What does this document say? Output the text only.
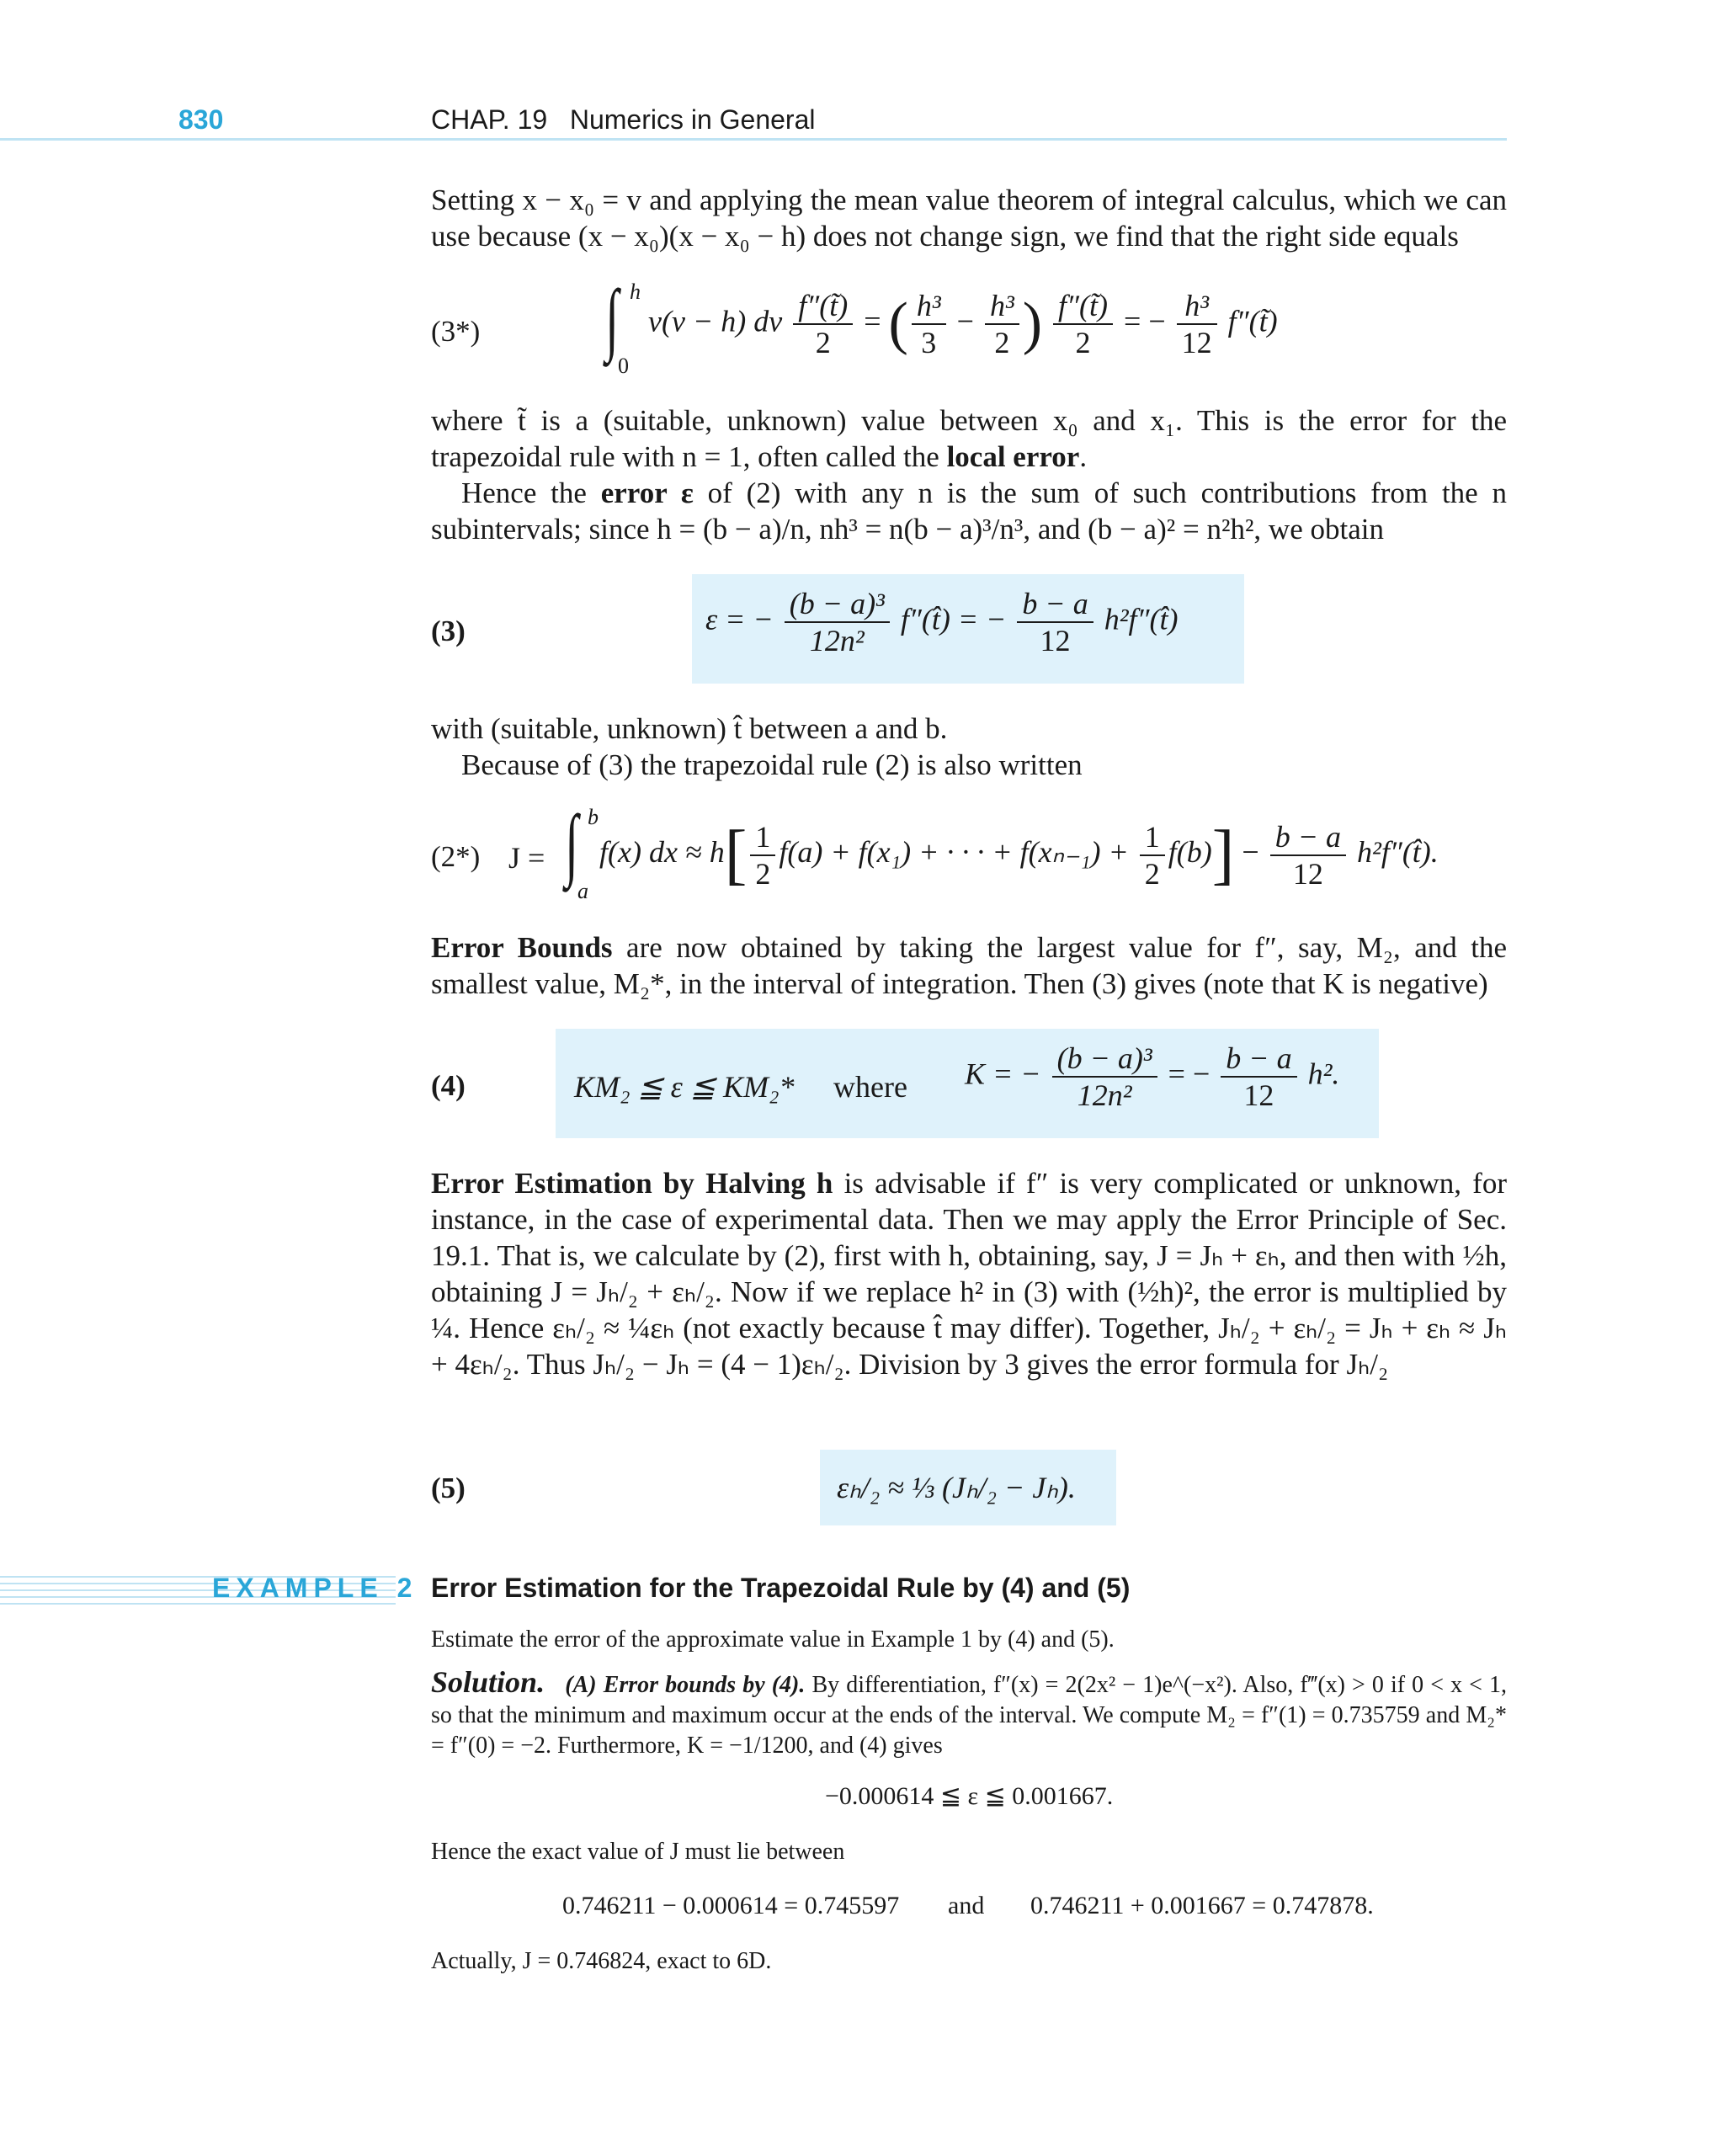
830	CHAP. 19 Numerics in General

Setting x − x₀ = v and applying the mean value theorem of integral calculus, which we can use because (x − x₀)(x − x₀ − h) does not change sign, we find that the right side equals

(3*) ∫ h
0
v(v − h) dv $\frac{f''(t̃)}{2}$ = ( $\frac{\text{h³}}{3} - \frac{\text{h³}}{2}$ ) $\frac{f''(t̃)}{2}$ = − $\frac{\text{h³}}{12}$ f″(t̃)

where t̃ is a (suitable, unknown) value between x₀ and x₁. This is the error for the trapezoidal rule with n = 1, often called the local error.

Hence the error ε of (2) with any n is the sum of such contributions from the n subintervals; since h = (b − a)/n, nh³ = n(b − a)³/n³, and (b − a)² = n²h², we obtain

(3)	ε = − $\frac{\text{(b − a)³}}{\text{12n²}}$ f″(t̂) = − $\frac{b - a}{12}$ h²f″(t̂)

with (suitable, unknown) t̂ between a and b.

Because of (3) the trapezoidal rule (2) is also written

(2*) J = ∫ b
a
f(x) dx ≈ $h[ \frac{1}{2} f(a) + f(x_1)$ + · · · + $f(x_{n-1}) + \frac{1}{2} f(b)] - \frac{b - a}{12}$ h²f″(t̂).

Error Bounds are now obtained by taking the largest value for f″, say, M₂, and the smallest value, M₂*, in the interval of integration. Then (3) gives (note that K is negative)

(4)	KM₂ ≦ ε ≦ KM₂* where K = − $\frac{\text{(b − a)³}}{\text{12n²}}$ = − $\frac{b - a}{12} h^2$.

Error Estimation by Halving h is advisable if f″ is very complicated or unknown, for instance, in the case of experimental data. Then we may apply the Error Principle of Sec. 19.1. That is, we calculate by (2), first with h, obtaining, say, J = Jₕ + εₕ, and then with ½h, obtaining J = Jₕ/₂ + εₕ/₂. Now if we replace h² in (3) with (½h)², the error is multiplied by ¼. Hence εₕ/₂ ≈ ¼εₕ (not exactly because t̂ may differ). Together, Jₕ/₂ + εₕ/₂ = Jₕ + εₕ ≈ Jₕ + 4εₕ/₂. Thus Jₕ/₂ − Jₕ = (4 − 1)εₕ/₂. Division by 3 gives the error formula for Jₕ/₂

(5)	εₕ/₂ ≈ ⅓ (Jₕ/₂ − Jₕ).
EXAMPLE 2 Error Estimation for the Trapezoidal Rule by (4) and (5)

Estimate the error of the approximate value in Example 1 by (4) and (5).

Solution. (A) Error bounds by (4). By differentiation, f″(x) = 2(2x² − 1)e^(−x²). Also, f‴(x) > 0 if 0 < x < 1, so that the minimum and maximum occur at the ends of the interval. We compute M₂ = f″(1) = 0.735759 and M₂* = f″(0) = −2. Furthermore, K = −1/1200, and (4) gives

−0.000614 ≦ ε ≦ 0.001667.

Hence the exact value of J must lie between

0.746211 − 0.000614 = 0.745597 and 0.746211 + 0.001667 = 0.747878.

Actually, J = 0.746824, exact to 6D.
